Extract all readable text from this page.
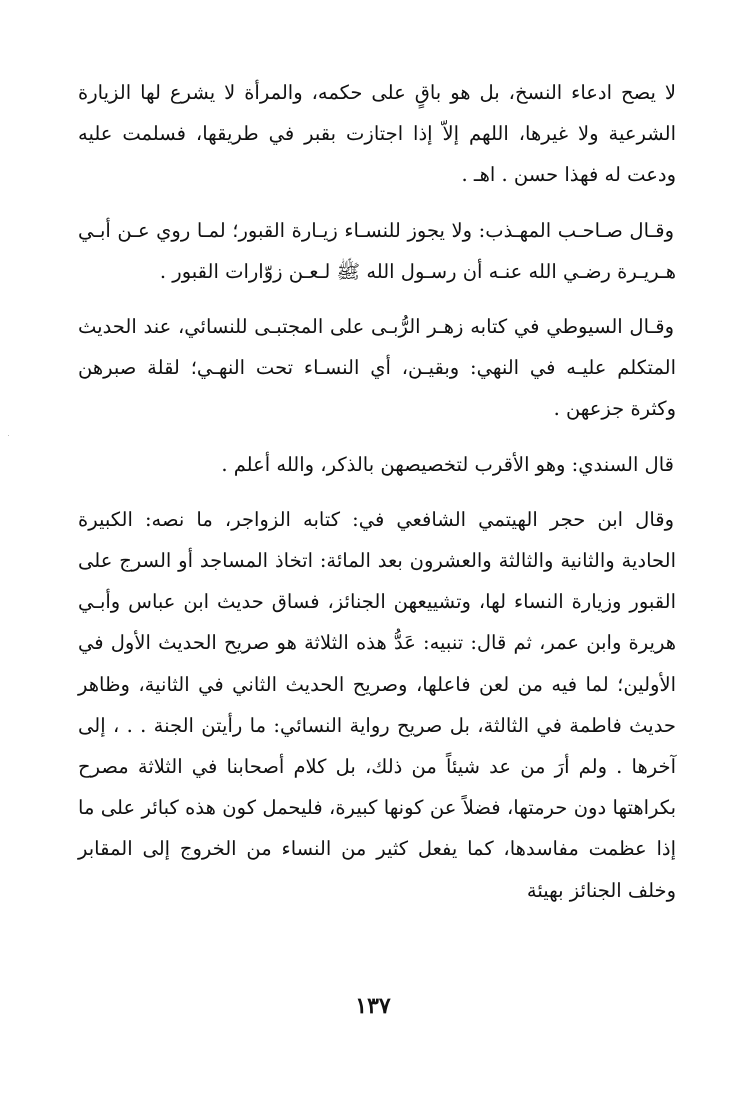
لا يصح ادعاء النسخ، بل هو باقٍ على حكمه، والمرأة لا يشرع لها الزيارة الشرعية ولا غيرها، اللهم إلاّ إذا اجتازت بقبر في طريقها، فسلمت عليه ودعت له فهذا حسن . اهـ .

وقـال صـاحـب المهـذب: ولا يجوز للنسـاء زيـارة القبور؛ لمـا روي عـن أبـي هـريـرة رضـي الله عنـه أن رسـول الله ﷺ لـعـن زوّارات القبور .

وقـال السيوطي في كتابه زهـر الرُّبـى على المجتبـى للنسائي، عند الحديث المتكلم عليـه في النهي: وبقيـن، أي النسـاء تحت النهـي؛ لقلة صبرهن وكثرة جزعهن .

قال السندي: وهو الأقرب لتخصيصهن بالذكر، والله أعلم .

وقال ابن حجر الهيتمي الشافعي في: كتابه الزواجر، ما نصه: الكبيرة الحادية والثانية والثالثة والعشرون بعد المائة: اتخاذ المساجد أو السرج على القبور وزيارة النساء لها، وتشييعهن الجنائز، فساق حديث ابن عباس وأبـي هريرة وابن عمر، ثم قال: تنبيه: عَدُّ هذه الثلاثة هو صريح الحديث الأول في الأولين؛ لما فيه من لعن فاعلها، وصريح الحديث الثاني في الثانية، وظاهر حديث فاطمة في الثالثة، بل صريح رواية النسائي: ما رأيتن الجنة . . ، إلى آخرها . ولم أرَ من عد شيئاً من ذلك، بل كلام أصحابنا في الثلاثة مصرح بكراهتها دون حرمتها، فضلاً عن كونها كبيرة، فليحمل كون هذه كبائر على ما إذا عظمت مفاسدها، كما يفعل كثير من النساء من الخروج إلى المقابر وخلف الجنائز بهيئة

١٣٧
